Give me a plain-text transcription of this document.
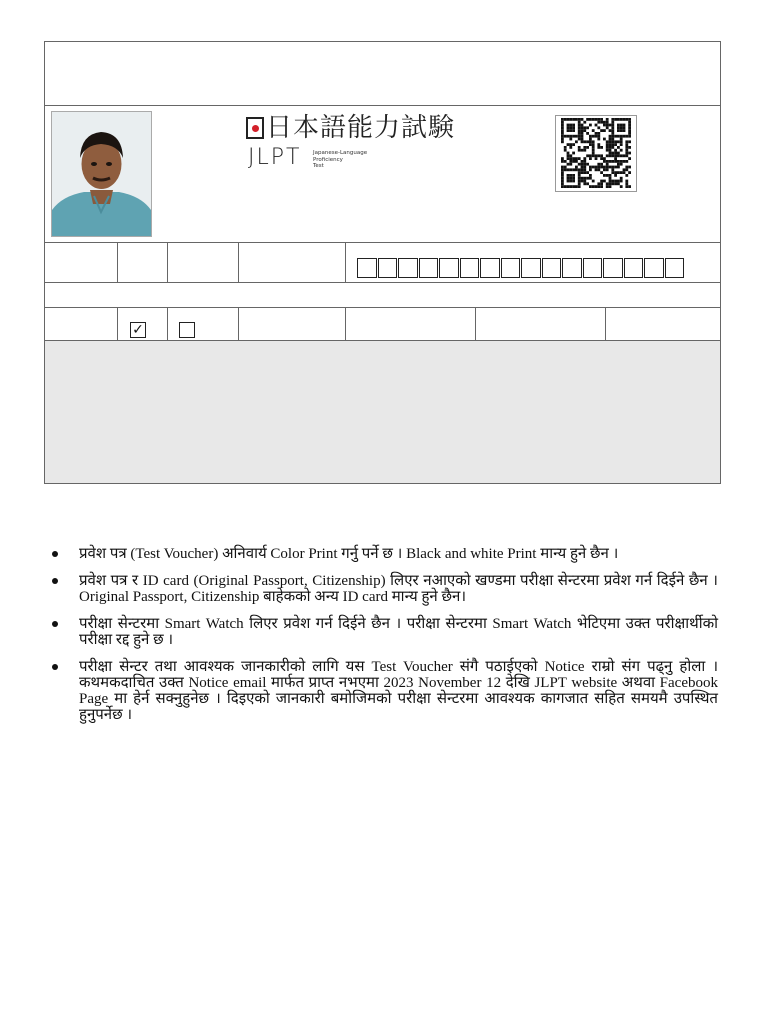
日本語能力試験
JLPT Japanese-Language
Proficiency
Test
✓
प्रवेश पत्र (Test Voucher) अनिवार्य Color Print गर्नु पर्ने छ । Black and white Print मान्य हुने छैन ।
प्रवेश पत्र र ID card (Original Passport, Citizenship) लिएर नआएको खण्डमा परीक्षा सेन्टरमा प्रवेश गर्न दिईने छैन । Original Passport, Citizenship बाहेकको अन्य ID card मान्य हुने छैन।
परीक्षा सेन्टरमा Smart Watch लिएर प्रवेश गर्न दिईने छैन । परीक्षा सेन्टरमा Smart Watch भेटिएमा उक्त परीक्षार्थीको परीक्षा रद्द हुने छ ।
परीक्षा सेन्टर तथा आवश्यक जानकारीको लागि यस Test Voucher संगै पठाईएको Notice राम्रो संग पढ्नु होला । कथमकदाचित उक्त Notice email मार्फत प्राप्त नभएमा 2023 November 12 देखि JLPT website अथवा Facebook Page मा हेर्न सक्नुहुनेछ । दिइएको जानकारी बमोजिमको परीक्षा सेन्टरमा आवश्यक कागजात सहित समयमै उपस्थित हुनुपर्नेछ ।
